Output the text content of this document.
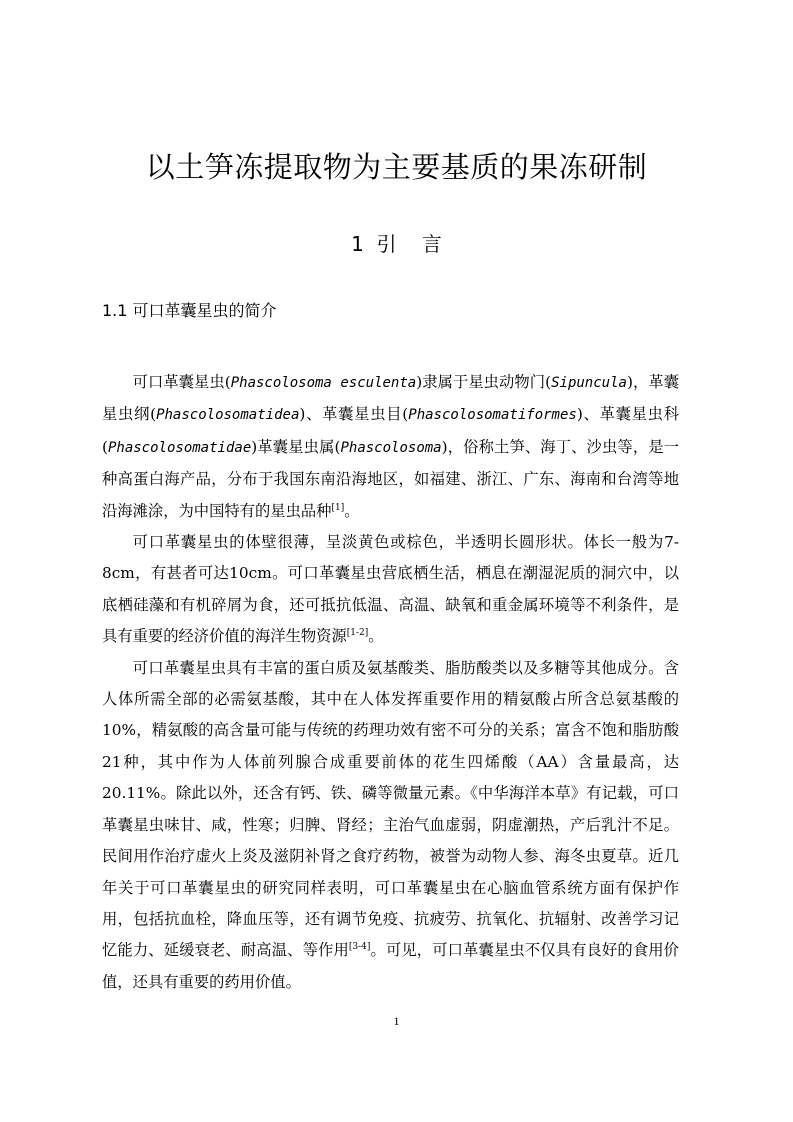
以土笋冻提取物为主要基质的果冻研制
1  引    言
1.1 可口革囊星虫的简介

可口革囊星虫(Phascolosoma esculenta)隶属于星虫动物门(Sipuncula)，革囊星虫纲(Phascolosomatidea)、革囊星虫目(Phascolosomatiformes)、革囊星虫科(Phascolosomatidae)革囊星虫属(Phascolosoma)，俗称土笋、海丁、沙虫等，是一种高蛋白海产品，分布于我国东南沿海地区，如福建、浙江、广东、海南和台湾等地沿海滩涂，为中国特有的星虫品种[1]。

可口革囊星虫的体壁很薄，呈淡黄色或棕色，半透明长圆形状。体长一般为7-8cm，有甚者可达10cm。可口革囊星虫营底栖生活，栖息在潮湿泥质的洞穴中，以底栖硅藻和有机碎屑为食，还可抵抗低温、高温、缺氧和重金属环境等不利条件，是具有重要的经济价值的海洋生物资源[1-2]。

可口革囊星虫具有丰富的蛋白质及氨基酸类、脂肪酸类以及多糖等其他成分。含人体所需全部的必需氨基酸，其中在人体发挥重要作用的精氨酸占所含总氨基酸的10%，精氨酸的高含量可能与传统的药理功效有密不可分的关系；富含不饱和脂肪酸21种，其中作为人体前列腺合成重要前体的花生四烯酸（AA）含量最高，达20.11%。除此以外，还含有钙、铁、磷等微量元素。《中华海洋本草》有记载，可口革囊星虫味甘、咸，性寒；归脾、肾经；主治气血虚弱，阴虚潮热，产后乳汁不足。民间用作治疗虚火上炎及滋阴补肾之食疗药物，被誉为动物人参、海冬虫夏草。近几年关于可口革囊星虫的研究同样表明，可口革囊星虫在心脑血管系统方面有保护作用，包括抗血栓，降血压等，还有调节免疫、抗疲劳、抗氧化、抗辐射、改善学习记忆能力、延缓衰老、耐高温、等作用[3-4]。可见，可口革囊星虫不仅具有良好的食用价值，还具有重要的药用价值。

1
